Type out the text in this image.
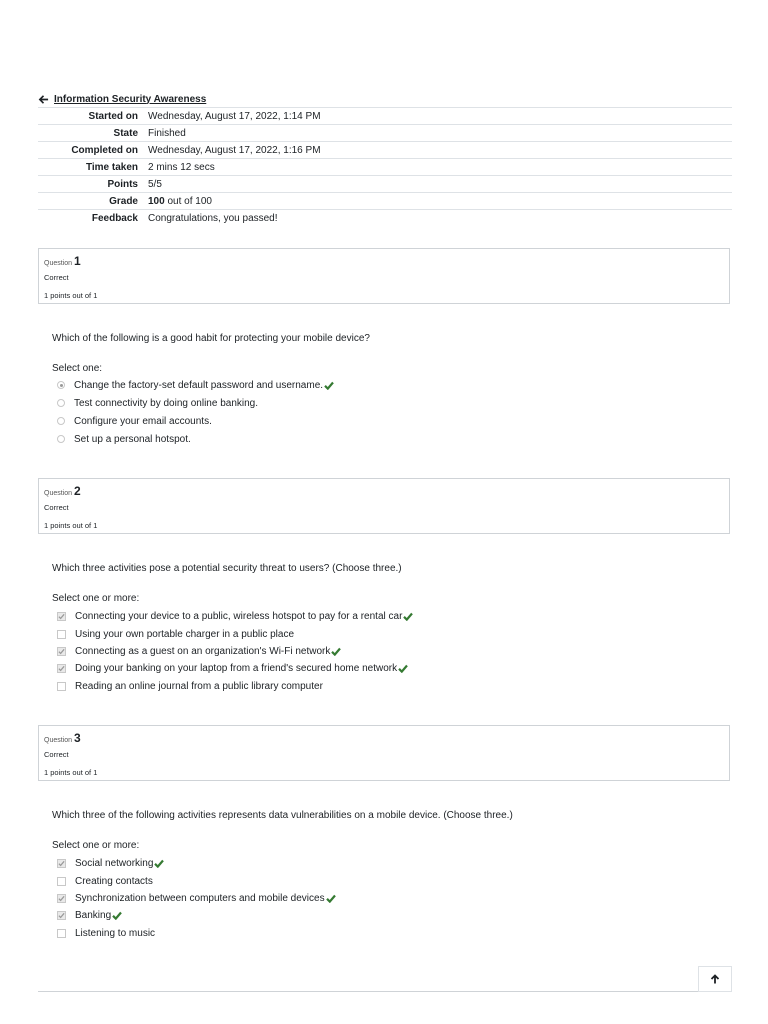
Information Security Awareness
Started on	Wednesday, August 17, 2022, 1:14 PM
State	Finished
Completed on	Wednesday, August 17, 2022, 1:16 PM
Time taken	2 mins 12 secs
Points	5/5
Grade	100 out of 100
Feedback	Congratulations, you passed!
Question 1
Correct
1 points out of 1
Which of the following is a good habit for protecting your mobile device?
Select one:
Change the factory-set default password and username.
Test connectivity by doing online banking.
Configure your email accounts.
Set up a personal hotspot.
Question 2
Correct
1 points out of 1
Which three activities pose a potential security threat to users? (Choose three.)
Select one or more:
Connecting your device to a public, wireless hotspot to pay for a rental car
Using your own portable charger in a public place
Connecting as a guest on an organization's Wi-Fi network
Doing your banking on your laptop from a friend's secured home network
Reading an online journal from a public library computer
Question 3
Correct
1 points out of 1
Which three of the following activities represents data vulnerabilities on a mobile device. (Choose three.)
Select one or more:
Social networking
Creating contacts
Synchronization between computers and mobile devices
Banking
Listening to music
